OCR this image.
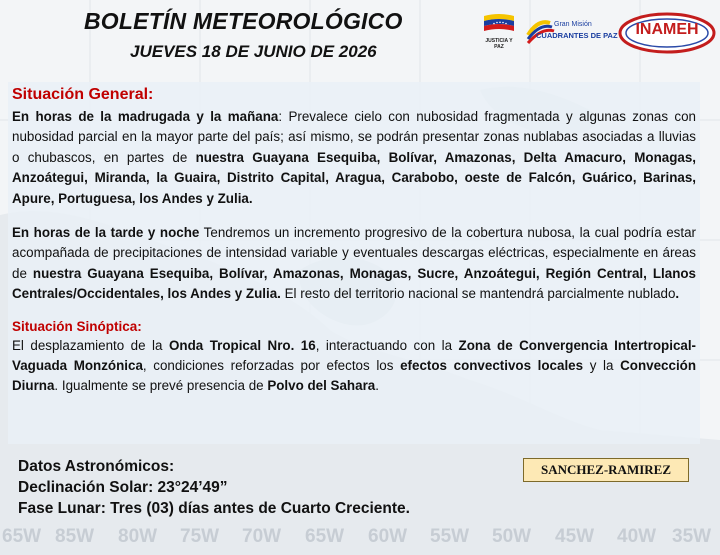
BOLETÍN METEOROLÓGICO
JUEVES 18 DE JUNIO DE 2026
JUSTICIA Y PAZ
Gran Misión
CUADRANTES DE PAZ	INAMEH
Situación General:

En horas de la madrugada y la mañana: Prevalece cielo con nubosidad fragmentada y algunas zonas con nubosidad parcial en la mayor parte del país; así mismo, se podrán presentar zonas nublabas asociadas a lluvias o chubascos, en partes de nuestra Guayana Esequiba, Bolívar, Amazonas, Delta Amacuro, Monagas, Anzoátegui, Miranda, la Guaira, Distrito Capital, Aragua, Carabobo, oeste de Falcón, Guárico, Barinas, Apure, Portuguesa, los Andes y Zulia.

En horas de la tarde y noche Tendremos un incremento progresivo de la cobertura nubosa, la cual podría estar acompañada de precipitaciones de intensidad variable y eventuales descargas eléctricas, especialmente en áreas de nuestra Guayana Esequiba, Bolívar, Amazonas, Monagas, Sucre, Anzoátegui, Región Central, Llanos Centrales/Occidentales, los Andes y Zulia. El resto del territorio nacional se mantendrá parcialmente nublado.

Situación Sinóptica:

El desplazamiento de la Onda Tropical Nro. 16, interactuando con la Zona de Convergencia Intertropical-Vaguada Monzónica, condiciones reforzadas por efectos los efectos convectivos locales y la Convección Diurna. Igualmente se prevé presencia de Polvo del Sahara.

Datos Astronómicos:
Declinación Solar: 23°24’49”
Fase Lunar: Tres (03) días antes de Cuarto Creciente.
SANCHEZ-RAMIREZ
65W 85W 80W 75W 70W 65W 60W 55W 50W 45W 40W 35W
